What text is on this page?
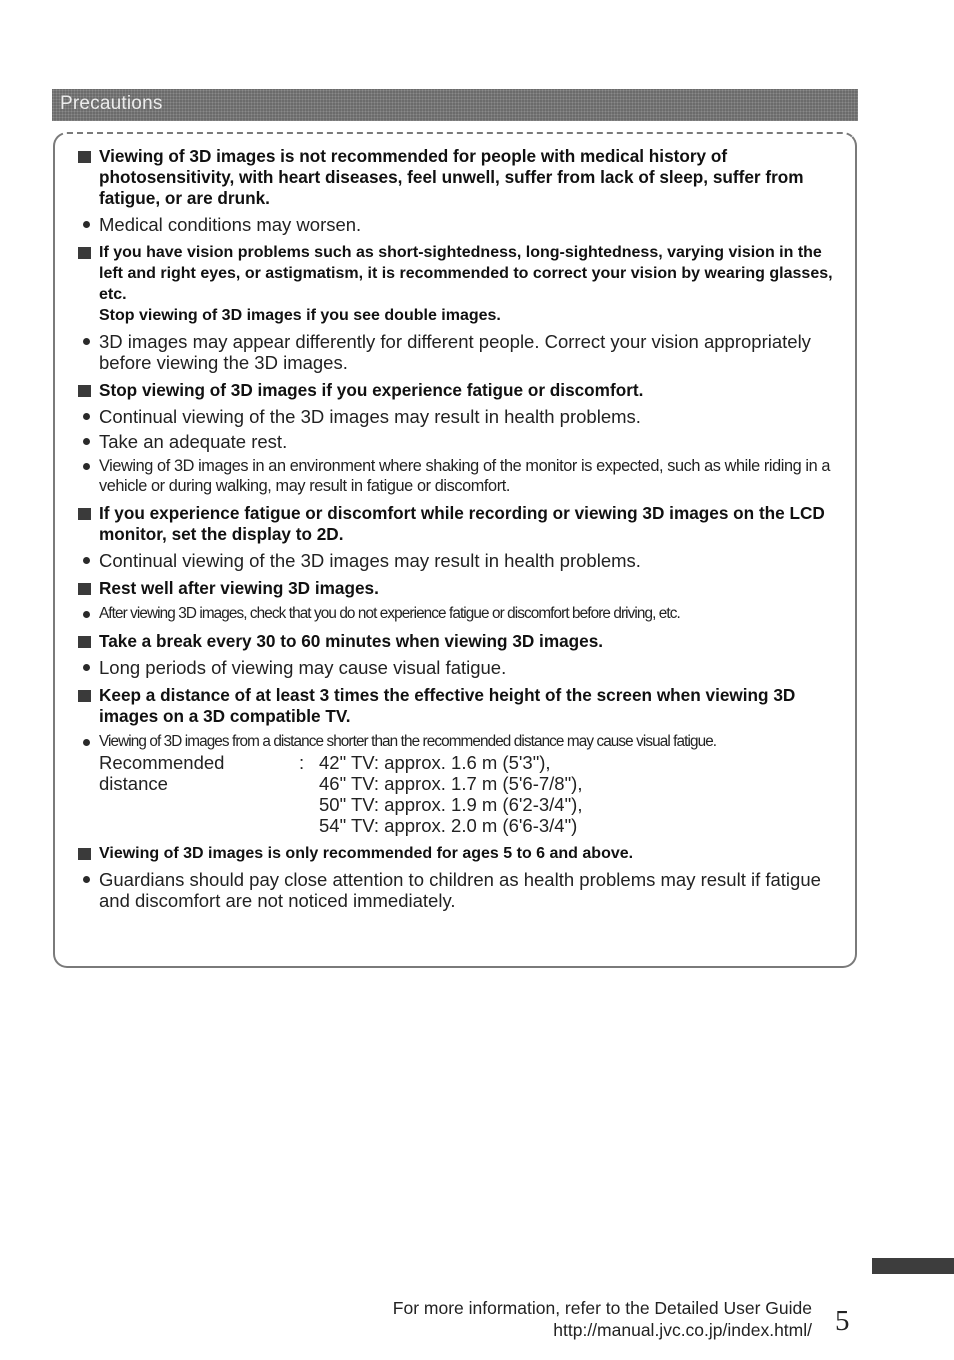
Precautions
Viewing of 3D images is not recommended for people with medical history of photosensitivity, with heart diseases, feel unwell, suffer from lack of sleep, suffer from fatigue, or are drunk.
Medical conditions may worsen.
If you have vision problems such as short-sightedness, long-sightedness, varying vision in the left and right eyes, or astigmatism, it is recommended to correct your vision by wearing glasses, etc.
Stop viewing of 3D images if you see double images.
3D images may appear differently for different people. Correct your vision appropriately before viewing the 3D images.
Stop viewing of 3D images if you experience fatigue or discomfort.
Continual viewing of the 3D images may result in health problems.
Take an adequate rest.
Viewing of 3D images in an environment where shaking of the monitor is expected, such as while riding in a vehicle or during walking, may result in fatigue or discomfort.
If you experience fatigue or discomfort while recording or viewing 3D images on the LCD monitor, set the display to 2D.
Continual viewing of the 3D images may result in health problems.
Rest well after viewing 3D images.
After viewing 3D images, check that you do not experience fatigue or discomfort before driving, etc.
Take a break every 30 to 60 minutes when viewing 3D images.
Long periods of viewing may cause visual fatigue.
Keep a distance of at least 3 times the effective height of the screen when viewing 3D images on a 3D compatible TV.
Viewing of 3D images from a distance shorter than the recommended distance may cause visual fatigue.
Recommended
distance: 42" TV: approx. 1.6 m (5'3"),
46" TV: approx. 1.7 m (5'6-7/8"),
50" TV: approx. 1.9 m (6'2-3/4"),
54" TV: approx. 2.0 m (6'6-3/4")
Viewing of 3D images is only recommended for ages 5 to 6 and above.
Guardians should pay close attention to children as health problems may result if fatigue and discomfort are not noticed immediately.
For more information, refer to the Detailed User Guide
http://manual.jvc.co.jp/index.html/ 5
